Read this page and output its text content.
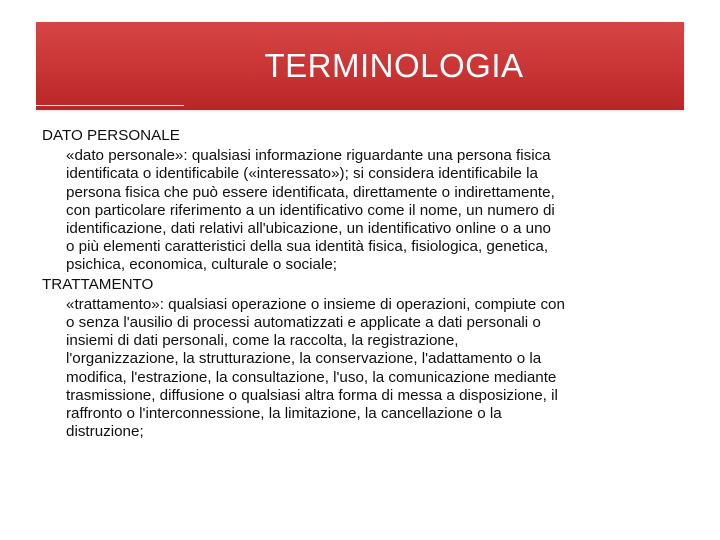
TERMINOLOGIA

DATO PERSONALE

«dato personale»: qualsiasi informazione riguardante una persona fisica
identificata o identificabile («interessato»); si considera identificabile la
persona fisica che può essere identificata, direttamente o indirettamente,
con particolare riferimento a un identificativo come il nome, un numero di
identificazione, dati relativi all'ubicazione, un identificativo online o a uno
o più elementi caratteristici della sua identità fisica, fisiologica, genetica,
psichica, economica, culturale o sociale;

TRATTAMENTO

«trattamento»: qualsiasi operazione o insieme di operazioni, compiute con
o senza l'ausilio di processi automatizzati e applicate a dati personali o
insiemi di dati personali, come la raccolta, la registrazione,
l'organizzazione, la strutturazione, la conservazione, l'adattamento o la
modifica, l'estrazione, la consultazione, l'uso, la comunicazione mediante
trasmissione, diffusione o qualsiasi altra forma di messa a disposizione, il
raffronto o l'interconnessione, la limitazione, la cancellazione o la
distruzione;
